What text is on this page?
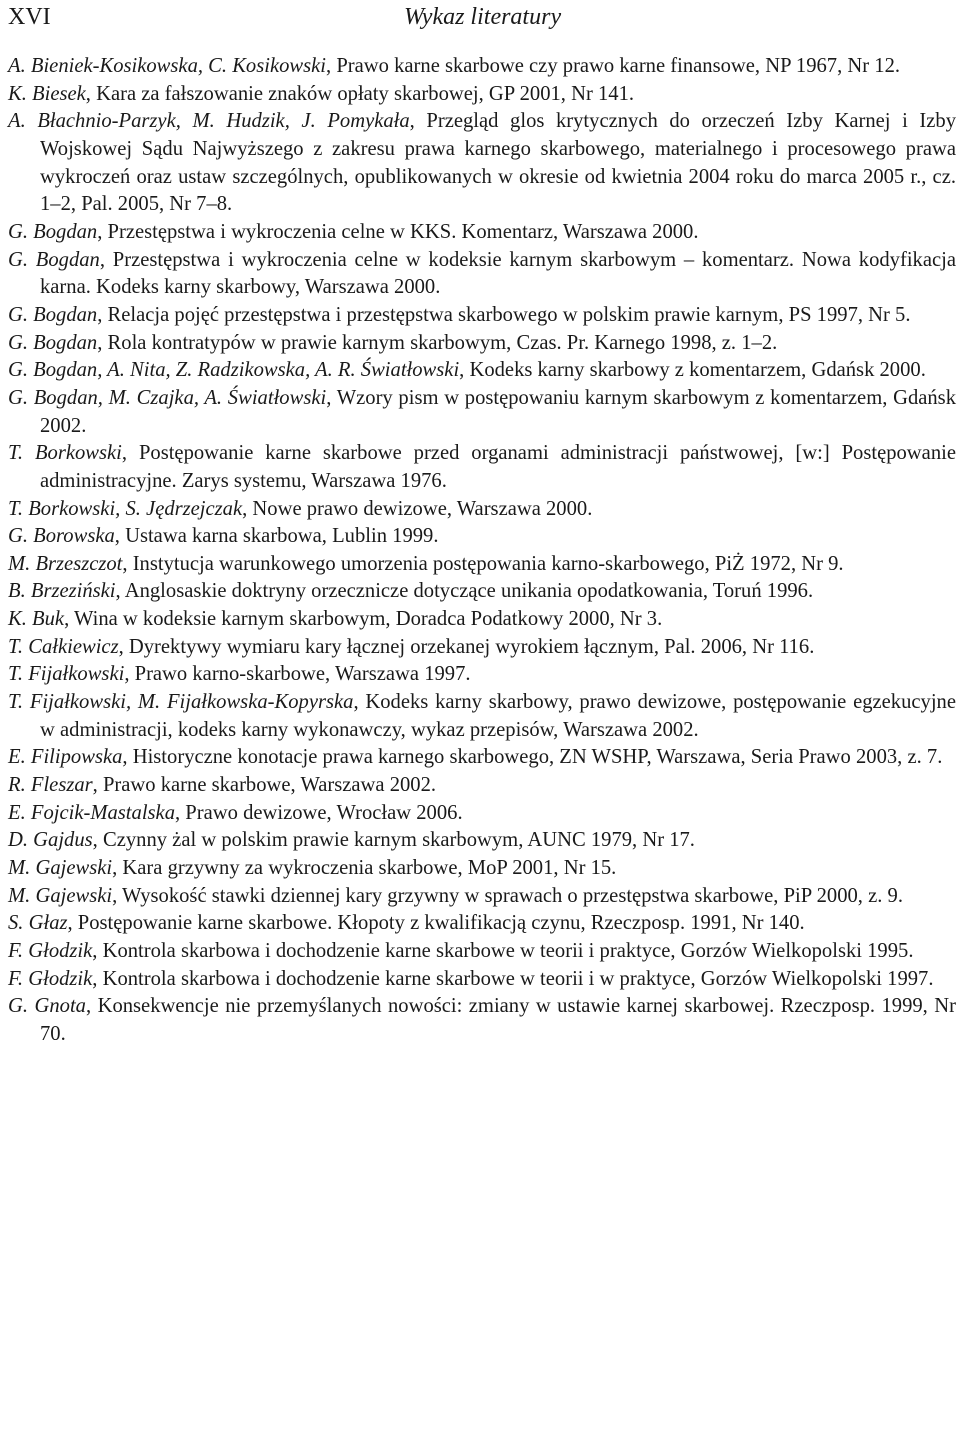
XVI	Wykaz literatury
A. Bieniek-Kosikowska, C. Kosikowski, Prawo karne skarbowe czy prawo karne finansowe, NP 1967, Nr 12.
K. Biesek, Kara za fałszowanie znaków opłaty skarbowej, GP 2001, Nr 141.
A. Błachnio-Parzyk, M. Hudzik, J. Pomykała, Przegląd glos krytycznych do orzeczeń Izby Karnej i Izby Wojskowej Sądu Najwyższego z zakresu prawa karnego skarbowego, materialnego i procesowego prawa wykroczeń oraz ustaw szczególnych, opublikowanych w okresie od kwietnia 2004 roku do marca 2005 r., cz. 1–2, Pal. 2005, Nr 7–8.
G. Bogdan, Przestępstwa i wykroczenia celne w KKS. Komentarz, Warszawa 2000.
G. Bogdan, Przestępstwa i wykroczenia celne w kodeksie karnym skarbowym – komentarz. Nowa kodyfikacja karna. Kodeks karny skarbowy, Warszawa 2000.
G. Bogdan, Relacja pojęć przestępstwa i przestępstwa skarbowego w polskim prawie karnym, PS 1997, Nr 5.
G. Bogdan, Rola kontratypów w prawie karnym skarbowym, Czas. Pr. Karnego 1998, z. 1–2.
G. Bogdan, A. Nita, Z. Radzikowska, A. R. Światłowski, Kodeks karny skarbowy z komentarzem, Gdańsk 2000.
G. Bogdan, M. Czajka, A. Światłowski, Wzory pism w postępowaniu karnym skarbowym z komentarzem, Gdańsk 2002.
T. Borkowski, Postępowanie karne skarbowe przed organami administracji państwowej, [w:] Postępowanie administracyjne. Zarys systemu, Warszawa 1976.
T. Borkowski, S. Jędrzejczak, Nowe prawo dewizowe, Warszawa 2000.
G. Borowska, Ustawa karna skarbowa, Lublin 1999.
M. Brzeszczot, Instytucja warunkowego umorzenia postępowania karno-skarbowego, PiŻ 1972, Nr 9.
B. Brzeziński, Anglosaskie doktryny orzecznicze dotyczące unikania opodatkowania, Toruń 1996.
K. Buk, Wina w kodeksie karnym skarbowym, Doradca Podatkowy 2000, Nr 3.
T. Całkiewicz, Dyrektywy wymiaru kary łącznej orzekanej wyrokiem łącznym, Pal. 2006, Nr 116.
T. Fijałkowski, Prawo karno-skarbowe, Warszawa 1997.
T. Fijałkowski, M. Fijałkowska-Kopyrska, Kodeks karny skarbowy, prawo dewizowe, postępowanie egzekucyjne w administracji, kodeks karny wykonawczy, wykaz przepisów, Warszawa 2002.
E. Filipowska, Historyczne konotacje prawa karnego skarbowego, ZN WSHP, Warszawa, Seria Prawo 2003, z. 7.
R. Fleszar, Prawo karne skarbowe, Warszawa 2002.
E. Fojcik-Mastalska, Prawo dewizowe, Wrocław 2006.
D. Gajdus, Czynny żal w polskim prawie karnym skarbowym, AUNC 1979, Nr 17.
M. Gajewski, Kara grzywny za wykroczenia skarbowe, MoP 2001, Nr 15.
M. Gajewski, Wysokość stawki dziennej kary grzywny w sprawach o przestępstwa skarbowe, PiP 2000, z. 9.
S. Głaz, Postępowanie karne skarbowe. Kłopoty z kwalifikacją czynu, Rzeczposp. 1991, Nr 140.
F. Głodzik, Kontrola skarbowa i dochodzenie karne skarbowe w teorii i praktyce, Gorzów Wielkopolski 1995.
F. Głodzik, Kontrola skarbowa i dochodzenie karne skarbowe w teorii i w praktyce, Gorzów Wielkopolski 1997.
G. Gnota, Konsekwencje nie przemyślanych nowości: zmiany w ustawie karnej skarbowej. Rzeczposp. 1999, Nr 70.
